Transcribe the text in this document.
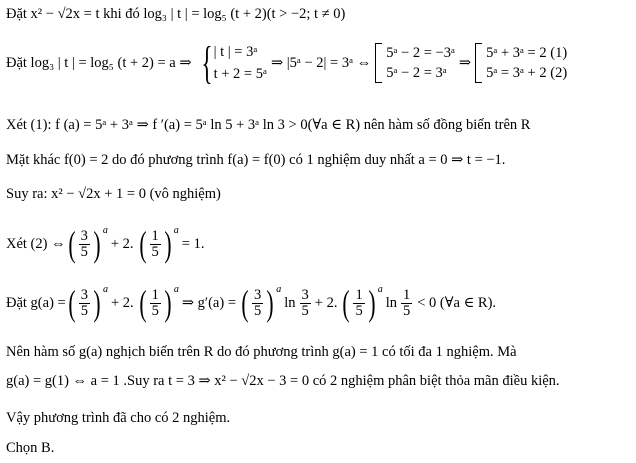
Đặt x² − √2x = t khi đó log₃ | t | = log₅ (t + 2)(t > −2; t ≠ 0)
Đặt log₃ | t | = log₅ (t + 2) = a ⇒ { | t | = 3ᵃ
t + 2 = 5ᵃ
⇒ |5ᵃ − 2| = 3ᵃ ⇔
5ᵃ − 2 = −3ᵃ
5ᵃ − 2 = 3ᵃ
⇒
5ᵃ + 3ᵃ = 2 (1)
5ᵃ = 3ᵃ + 2 (2)
Xét (1): f (a) = 5ᵃ + 3ᵃ ⇒ f ′(a) = 5ᵃ ln 5 + 3ᵃ ln 3 > 0(∀a ∈ R) nên hàm số đồng biến trên R
Mặt khác f(0) = 2 do đó phương trình f(a) = f(0) có 1 nghiệm duy nhất a = 0 ⇒ t = −1.
Suy ra: x² − √2x + 1 = 0 (vô nghiệm)
Xét (2) ⇔ ( $\frac{3}{5}$ ) a
+ 2. ( $\frac{1}{5}$ ) a
= 1.
Đặt g(a) = ( $\frac{3}{5}$ ) a
+ 2. ( $\frac{1}{5}$ ) a
⇒ g′(a) = ( $\frac{3}{5}$ ) a
$\ln \frac{3}{5} + 2$. ( $\frac{1}{5}$ ) a
$\ln \frac{1}{5} < 0$ (∀a ∈ R).
Nên hàm số g(a) nghịch biến trên R do đó phương trình g(a) = 1 có tối đa 1 nghiệm. Mà
g(a) = g(1) ⇔ a = 1 .Suy ra t = 3 ⇒ x² − √2x − 3 = 0 có 2 nghiệm phân biệt thỏa mãn điều kiện.
Vậy phương trình đã cho có 2 nghiệm.
Chọn B.
